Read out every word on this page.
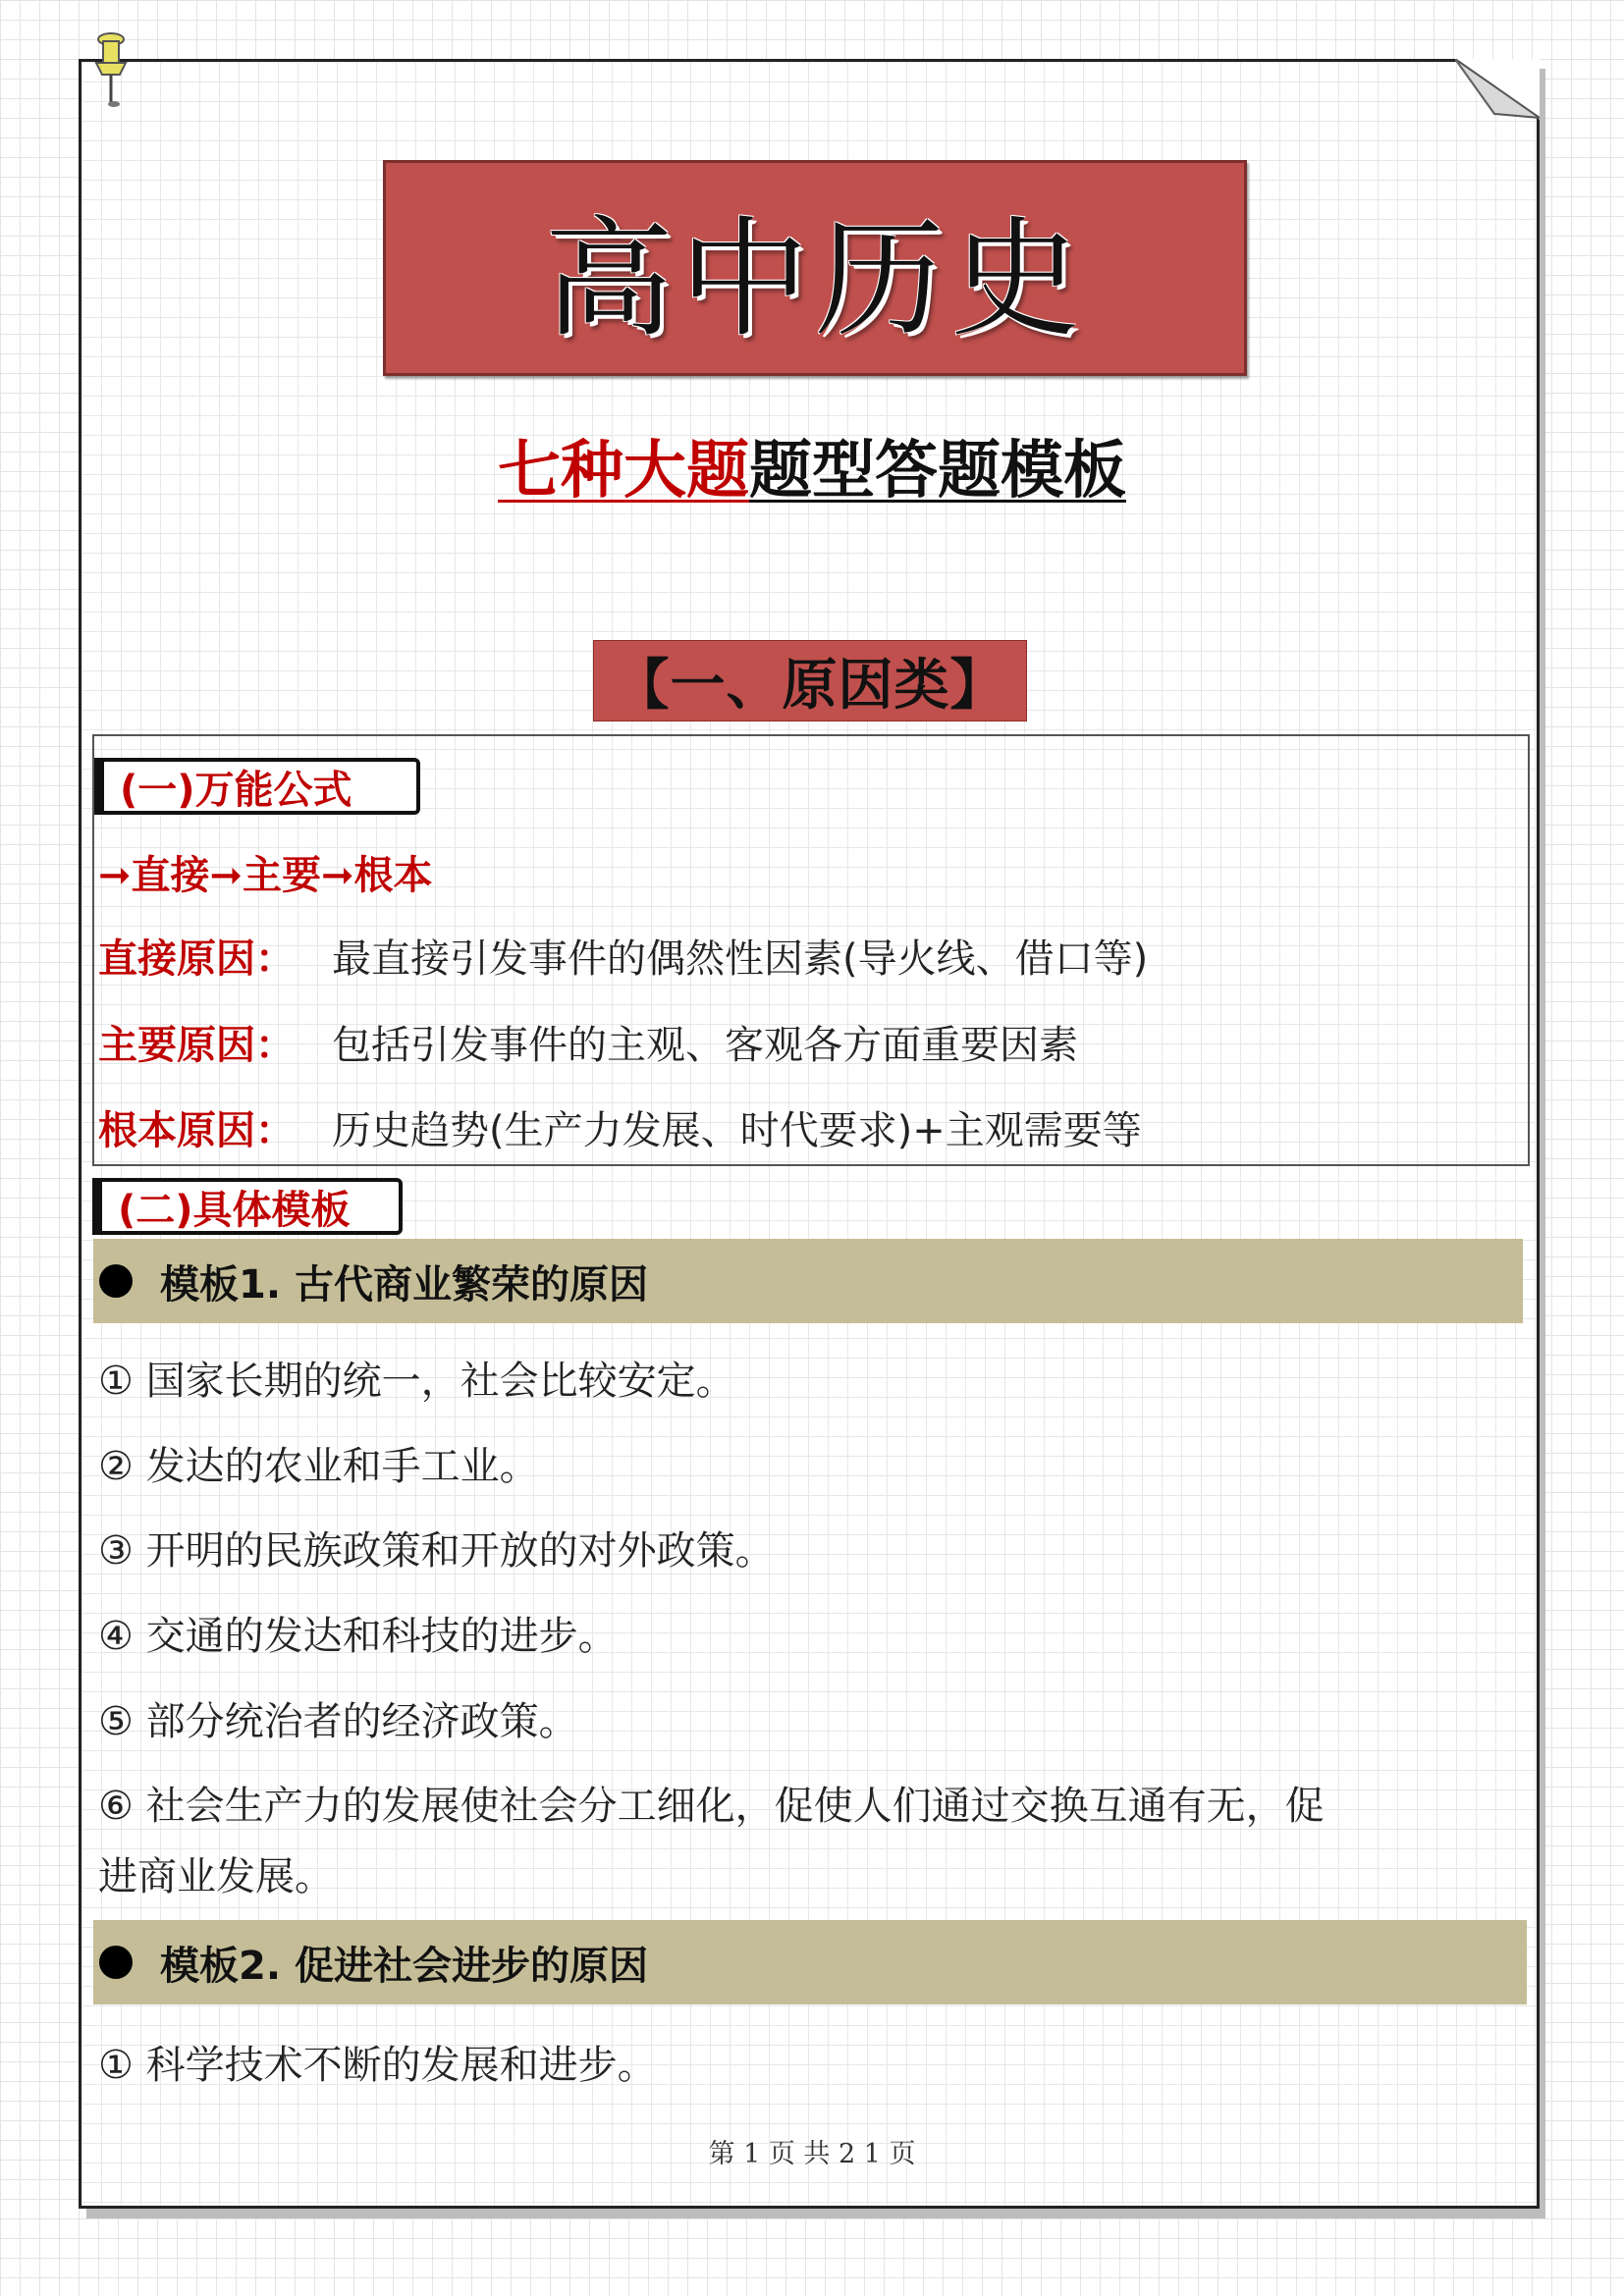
高中历史
七种大题题型答题模板
【一、原因类】
(一)万能公式
➞直接➞主要➞根本
直接原因： 最直接引发事件的偶然性因素(导火线、借口等)
主要原因： 包括引发事件的主观、客观各方面重要因素
根本原因： 历史趋势(生产力发展、时代要求)+主观需要等
(二)具体模板
模板1. 古代商业繁荣的原因
① 国家长期的统一，社会比较安定。
② 发达的农业和手工业。
③ 开明的民族政策和开放的对外政策。
④ 交通的发达和科技的进步。
⑤ 部分统治者的经济政策。
⑥ 社会生产力的发展使社会分工细化，促使人们通过交换互通有无，促
进商业发展。
模板2. 促进社会进步的原因
① 科学技术不断的发展和进步。
第 1 页 共 2 1 页
